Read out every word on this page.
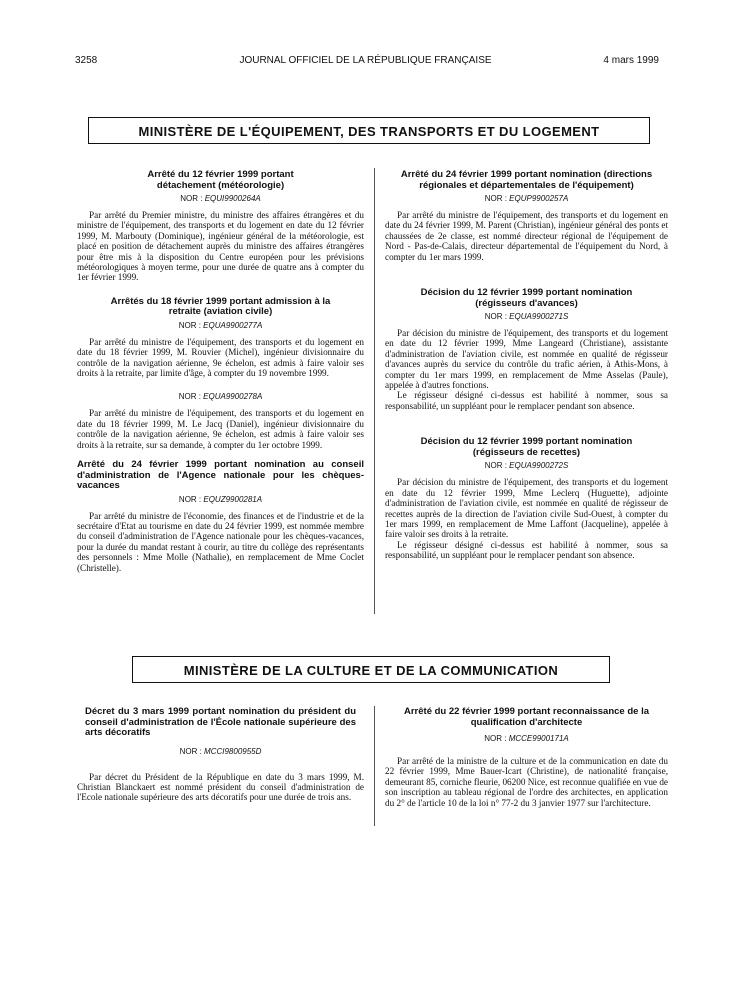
3258	JOURNAL OFFICIEL DE LA RÉPUBLIQUE FRANÇAISE	4 mars 1999
MINISTÈRE DE L'ÉQUIPEMENT, DES TRANSPORTS ET DU LOGEMENT

Arrêté du 12 février 1999 portant détachement (météorologie)

NOR : EQUI9900264A

Par arrêté du Premier ministre, du ministre des affaires étrangères et du ministre de l'équipement, des transports et du logement en date du 12 février 1999, M. Marbouty (Dominique), ingénieur général de la météorologie, est placé en position de détachement auprès du ministre des affaires étrangères pour être mis à la disposition du Centre européen pour les prévisions météorologiques à moyen terme, pour une durée de quatre ans à compter du 1er février 1999.

Arrêtés du 18 février 1999 portant admission à la retraite (aviation civile)

NOR : EQUA9900277A

Par arrêté du ministre de l'équipement, des transports et du logement en date du 18 février 1999, M. Rouvier (Michel), ingénieur divisionnaire du contrôle de la navigation aérienne, 9e échelon, est admis à faire valoir ses droits à la retraite, par limite d'âge, à compter du 19 novembre 1999.

NOR : EQUA9900278A

Par arrêté du ministre de l'équipement, des transports et du logement en date du 18 février 1999, M. Le Jacq (Daniel), ingénieur divisionnaire du contrôle de la navigation aérienne, 9e échelon, est admis à faire valoir ses droits à la retraite, sur sa demande, à compter du 1er octobre 1999.

Arrêté du 24 février 1999 portant nomination au conseil d'administration de l'Agence nationale pour les chèques-vacances

NOR : EQUZ9900281A

Par arrêté du ministre de l'économie, des finances et de l'industrie et de la secrétaire d'Etat au tourisme en date du 24 février 1999, est nommée membre du conseil d'administration de l'Agence nationale pour les chèques-vacances, pour la durée du mandat restant à courir, au titre du collège des représentants des personnels : Mme Molle (Nathalie), en remplacement de Mme Coclet (Christelle).

Arrêté du 24 février 1999 portant nomination (directions régionales et départementales de l'équipement)

NOR : EQUP9900257A

Par arrêté du ministre de l'équipement, des transports et du logement en date du 24 février 1999, M. Parent (Christian), ingénieur général des ponts et chaussées de 2e classe, est nommé directeur régional de l'équipement de Nord - Pas-de-Calais, directeur départemental de l'équipement du Nord, à compter du 1er mars 1999.

Décision du 12 février 1999 portant nomination (régisseurs d'avances)

NOR : EQUA9900271S

Par décision du ministre de l'équipement, des transports et du logement en date du 12 février 1999, Mme Langeard (Christiane), assistante d'administration de l'aviation civile, est nommée en qualité de régisseur d'avances auprès du service du contrôle du trafic aérien, à Athis-Mons, à compter du 1er mars 1999, en remplacement de Mme Asselas (Paule), appelée à d'autres fonctions.

Le régisseur désigné ci-dessus est habilité à nommer, sous sa responsabilité, un suppléant pour le remplacer pendant son absence.

Décision du 12 février 1999 portant nomination (régisseurs de recettes)

NOR : EQUA9900272S

Par décision du ministre de l'équipement, des transports et du logement en date du 12 février 1999, Mme Leclerq (Huguette), adjointe d'administration de l'aviation civile, est nommée en qualité de régisseur de recettes auprès de la direction de l'aviation civile Sud-Ouest, à compter du 1er mars 1999, en remplacement de Mme Laffont (Jacqueline), appelée à faire valoir ses droits à la retraite.

Le régisseur désigné ci-dessus est habilité à nommer, sous sa responsabilité, un suppléant pour le remplacer pendant son absence.

MINISTÈRE DE LA CULTURE ET DE LA COMMUNICATION

Décret du 3 mars 1999 portant nomination du président du conseil d'administration de l'École nationale supérieure des arts décoratifs

NOR : MCCI9800955D

Par décret du Président de la République en date du 3 mars 1999, M. Christian Blanckaert est nommé président du conseil d'administration de l'Ecole nationale supérieure des arts décoratifs pour une durée de trois ans.

Arrêté du 22 février 1999 portant reconnaissance de la qualification d'architecte

NOR : MCCE9900171A

Par arrêté de la ministre de la culture et de la communication en date du 22 février 1999, Mme Bauer-Icart (Christine), de nationalité française, demeurant 85, corniche fleurie, 06200 Nice, est reconnue qualifiée en vue de son inscription au tableau régional de l'ordre des architectes, en application du 2° de l'article 10 de la loi n° 77-2 du 3 janvier 1977 sur l'architecture.
